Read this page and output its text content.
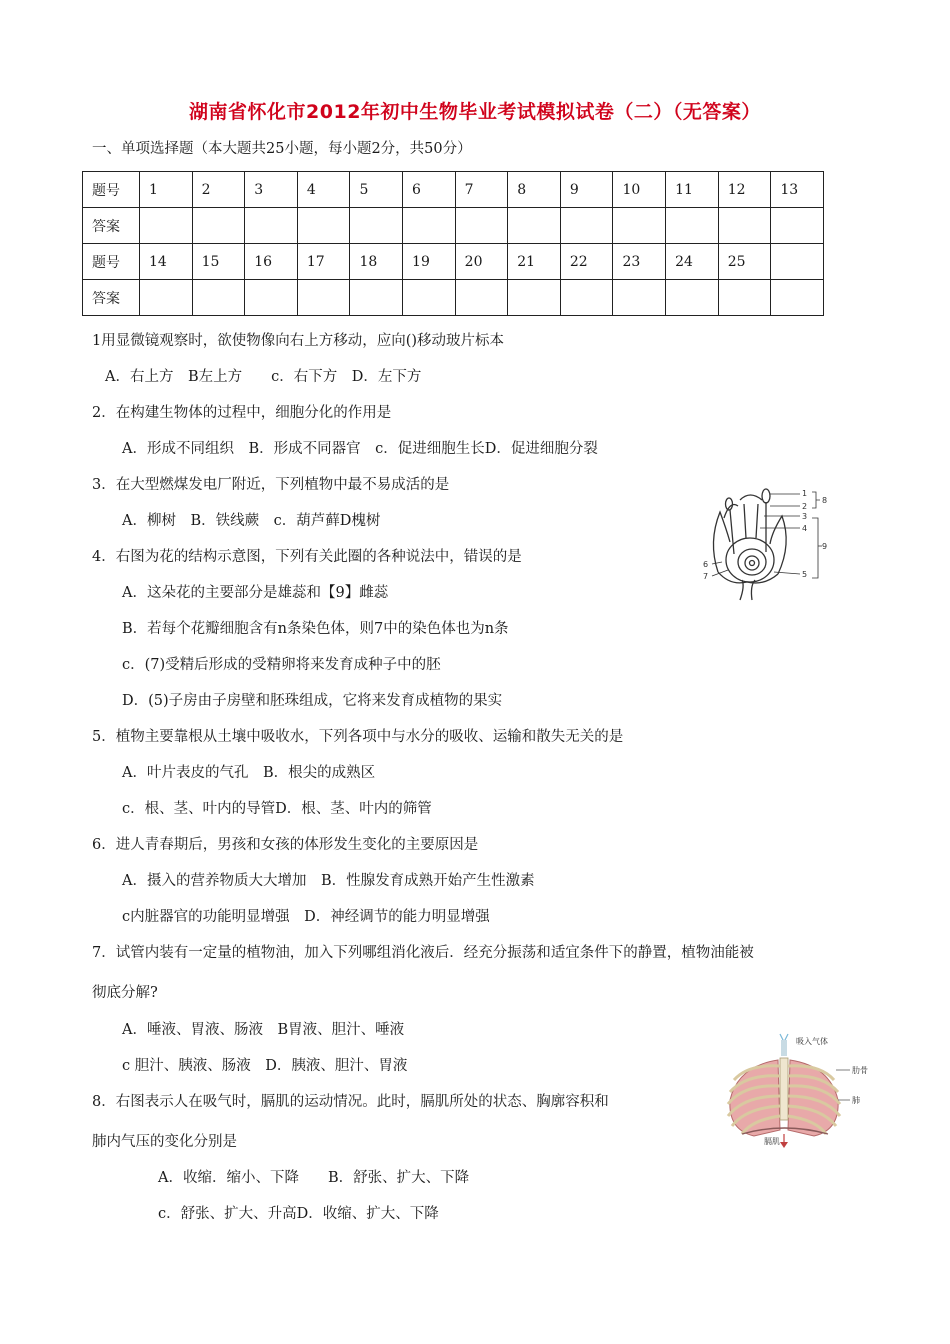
湖南省怀化市2012年初中生物毕业考试模拟试卷（二）（无答案）
一、单项选择题（本大题共25小题，每小题2分，共50分）
题号	1	2	3	4	5	6	7	8	9	10	11	12	13
答案													
题号	14	15	16	17	18	19	20	21	22	23	24	25	
答案													
1用显微镜观察时，欲使物像向右上方移动，应向()移动玻片标本
A．右上方　B左上方　　c．右下方　D．左下方
2．在构建生物体的过程中，细胞分化的作用是
A．形成不同组织　B．形成不同器官　c．促进细胞生长D．促进细胞分裂
3．在大型燃煤发电厂附近，下列植物中最不易成活的是
A．柳树　B．铁线蕨　c．葫芦藓D槐树
4．右图为花的结构示意图，下列有关此圈的各种说法中，错误的是
A．这朵花的主要部分是雄蕊和【9】雌蕊
B．若每个花瓣细胞含有n条染色体，则7中的染色体也为n条
c．(7)受精后形成的受精卵将来发育成种子中的胚
D．(5)子房由子房壁和胚珠组成，它将来发育成植物的果实
5．植物主要靠根从土壤中吸收水，下列各项中与水分的吸收、运输和散失无关的是
A．叶片表皮的气孔　B．根尖的成熟区
c．根、茎、叶内的导管D．根、茎、叶内的筛管
6．进人青春期后，男孩和女孩的体形发生变化的主要原因是
A．摄入的营养物质大大增加　B．性腺发育成熟开始产生性激素
c内脏器官的功能明显增强　D．神经调节的能力明显增强
7．试管内装有一定量的植物油，加入下列哪组消化液后．经充分振荡和适宜条件下的静置，植物油能被
彻底分解?
A．唾液、胃液、肠液　B胃液、胆汁、唾液
c 胆汁、胰液、肠液　D．胰液、胆汁、胃液
8．右图表示人在吸气时，膈肌的运动情况。此时，膈肌所处的状态、胸廓容积和
肺内气压的变化分别是
A．收缩．缩小、下降　　B．舒张、扩大、下降
c．舒张、扩大、升高D．收缩、扩大、下降
1
2
3
4
5
6
7
8
9
吸入气体
肋骨
肺
膈肌
